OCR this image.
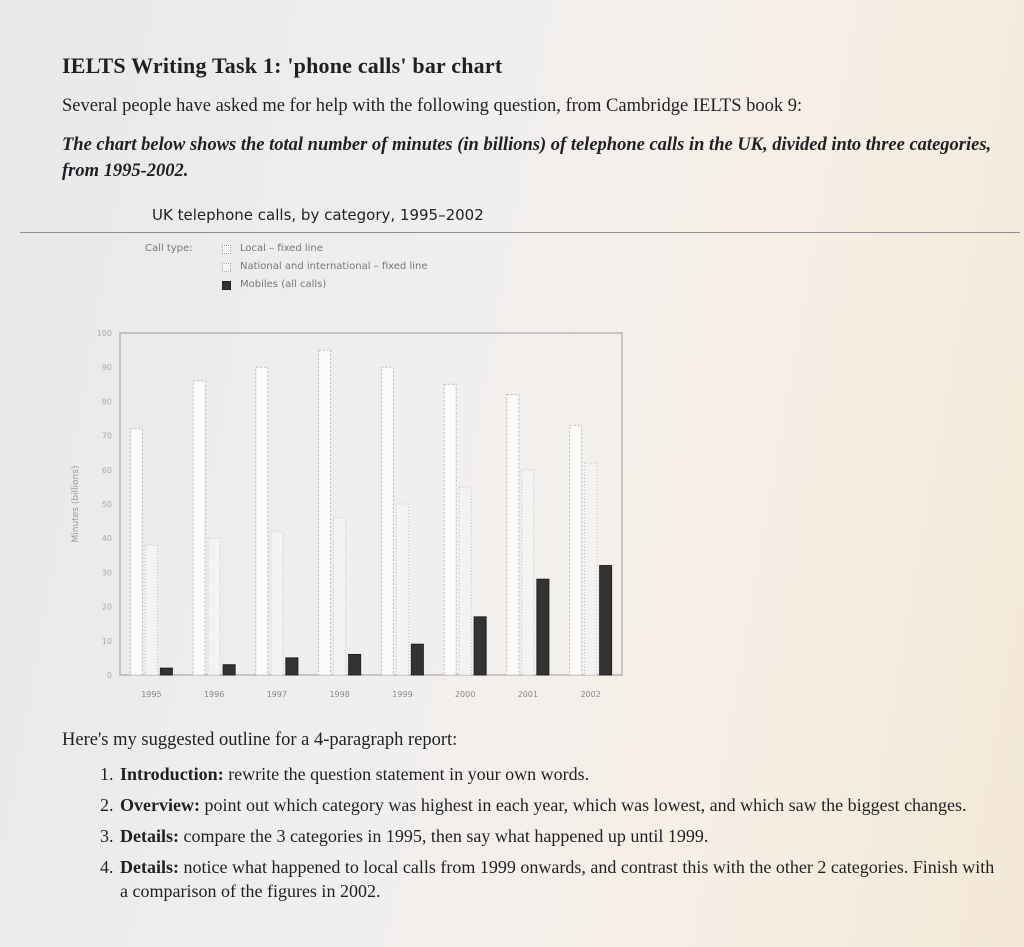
IELTS Writing Task 1: 'phone calls' bar chart
Several people have asked me for help with the following question, from Cambridge IELTS book 9:
The chart below shows the total number of minutes (in billions) of telephone calls in the UK, divided into three categories, from 1995-2002.
UK telephone calls, by category, 1995–2002
Call type:	Local – fixed line
National and international – fixed line
Mobiles (all calls)
0
10
20
30
40
50
60
70
80
90
100
Minutes (billions)
1995	1996	1997	1998	1999	2000	2001	2002
Here's my suggested outline for a 4-paragraph report:
1. Introduction: rewrite the question statement in your own words.
2. Overview: point out which category was highest in each year, which was lowest, and which saw the biggest changes.
3. Details: compare the 3 categories in 1995, then say what happened up until 1999.
4. Details: notice what happened to local calls from 1999 onwards, and contrast this with the other 2 categories. Finish with a comparison of the figures in 2002.
